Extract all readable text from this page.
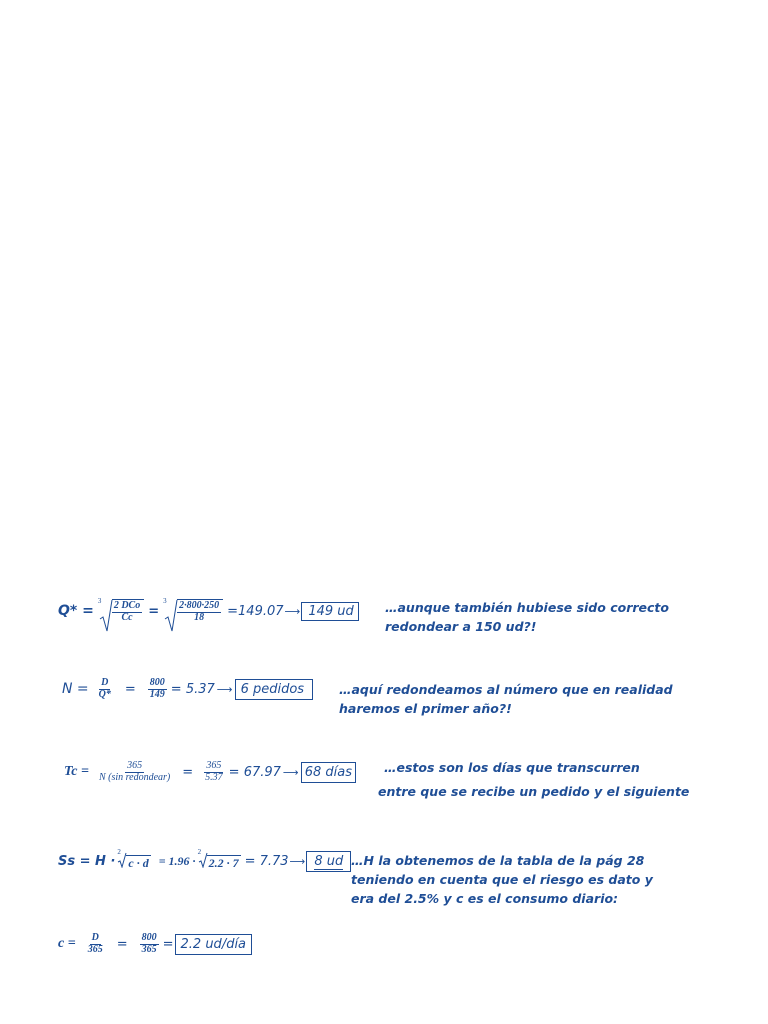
Q* =
$3 \frac{\text{2 DCo}}{Cc}$ =
$3 \frac{2\cdot 800\cdot 250}{18} =149.07$ ⟶ 149 ud	…aunque también hubiese sido correcto
redondear a 150 ud?!
$N = \frac{D}{Q*} = \frac{800}{149} = 5.37$ ⟶ 6 pedidos	…aquí redondeamos al número que en realidad
haremos el primer año?!
$Tc = \frac{365}{\text{N (sin redondear)}} = \frac{365}{5.37} = 67.97$ ⟶ 68 días	…estos son los días que transcurren
entre que se recibe un pedido y el siguiente
Ss = H ·
2
c · d = 1.96 ·
2
2.2 · 7 = 7.73 ⟶ 8 ud …H la obtenemos de la tabla de la pág 28
teniendo en cuenta que el riesgo es dato y
era del 2.5% y c es el consumo diario:
$c = \frac{D}{365} = \frac{800}{365} = 2.2$ ud/día
